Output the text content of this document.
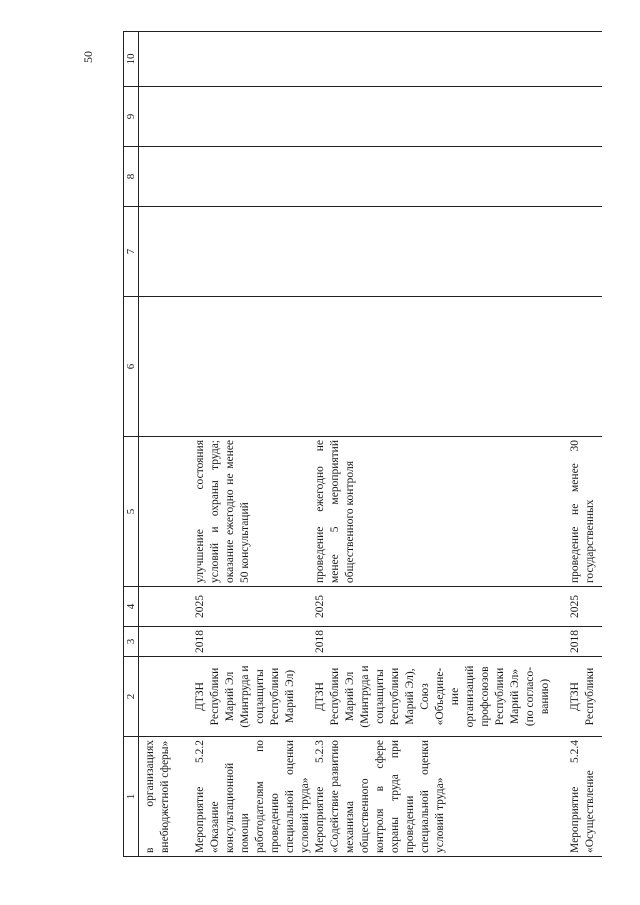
50
1	2	3	4	5	6	7	8	9	10
в организациях внебюджетной сферы»									
Мероприятие 5.2.2 «Оказание консультационной помощи работодателям по проведению специальной оценки условий труда»	ДТЗН Республики Марий Эл (Минтруда и соцзащиты Республики Марий Эл)	2018	2025	улучшение состояния условий и охраны труда; оказание ежегодно не менее 50 консультаций					
Мероприятие 5.2.3 «Содействие развитию механизма общественного контроля в сфере охраны труда при проведении специальной оценки условий труда»	ДТЗН Республики Марий Эл (Минтруда и соцзащиты Республики Марий Эл), Союз «Объедине-ние организаций профсоюзов Республики Марий Эл» (по согласо-ванию)	2018	2025	проведение ежегодно не менее 5 мероприятий общественного контроля					
Мероприятие 5.2.4 «Осуществление	ДТЗН Республики	2018	2025	проведение не менее 30 государственных					
